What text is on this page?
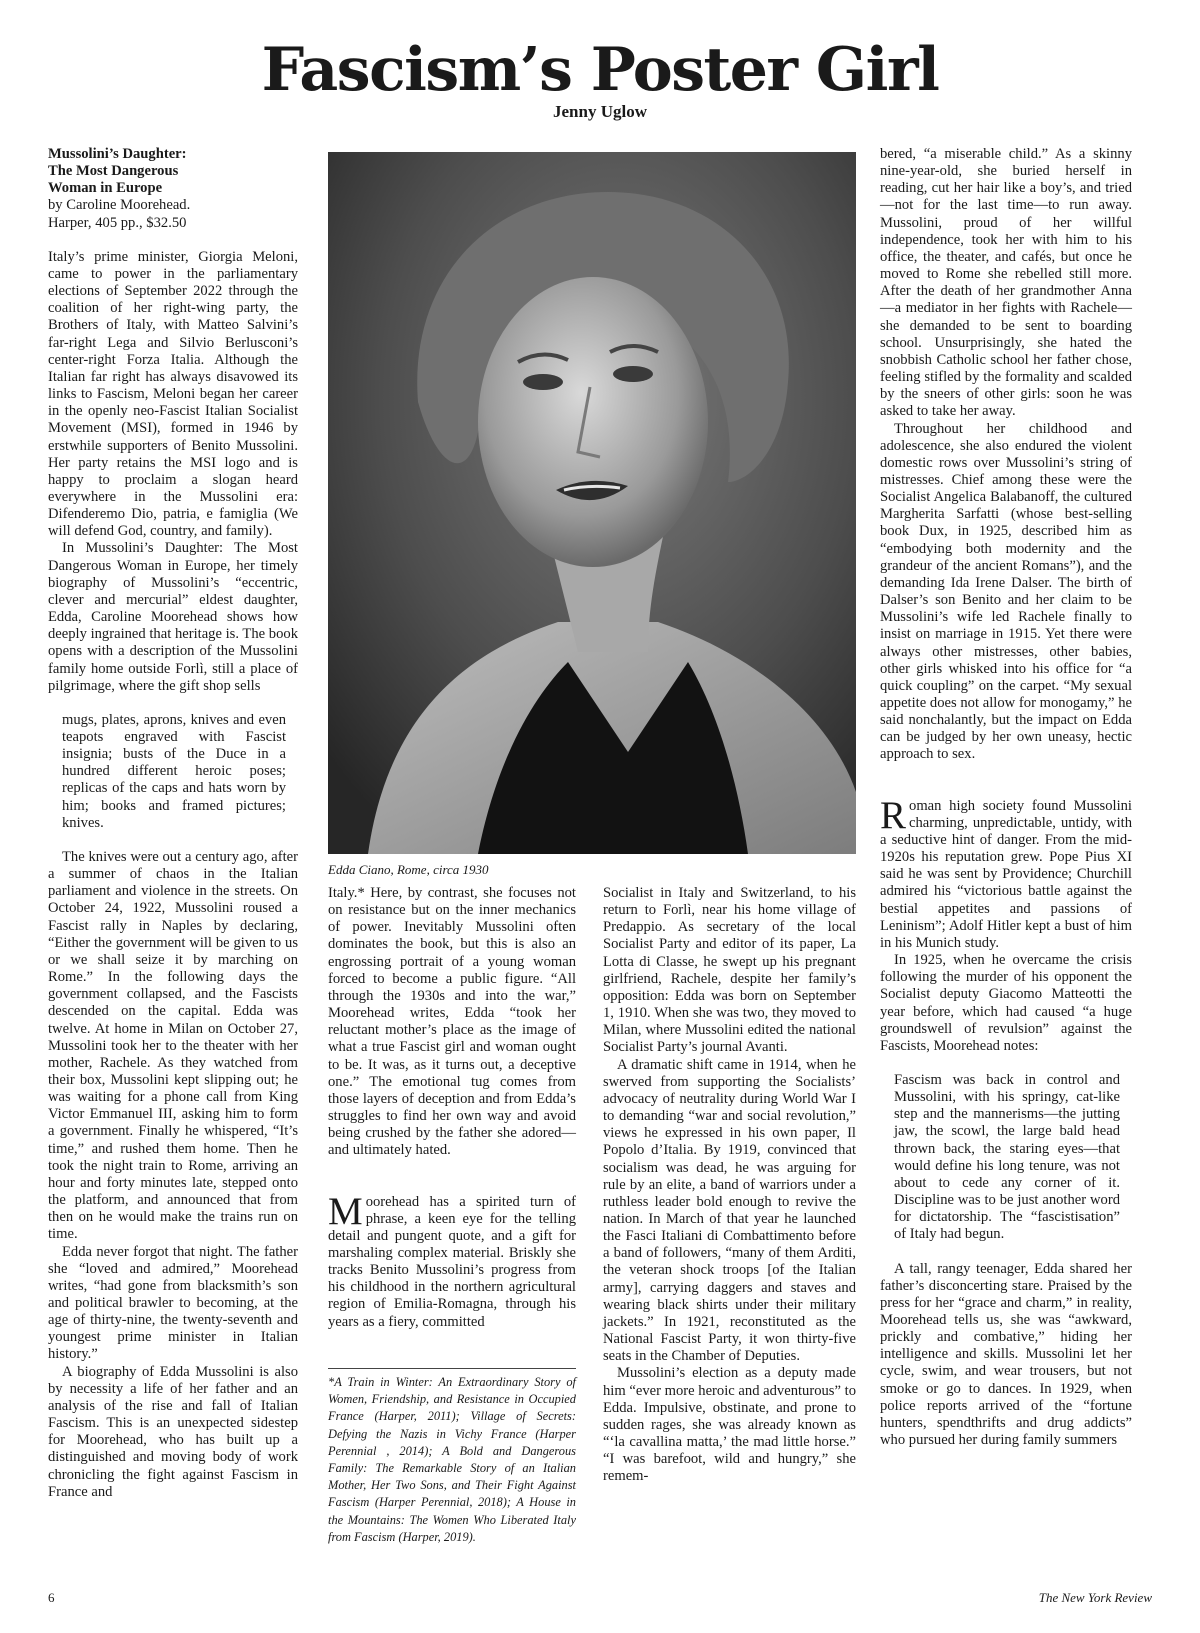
Fascism’s Poster Girl
Jenny Uglow
Mussolini’s Daughter:
The Most Dangerous
Woman in Europe
by Caroline Moorehead.
Harper, 405 pp., $32.50

Italy’s prime minister, Giorgia Meloni, came to power in the parliamentary elections of September 2022 through the coalition of her right-wing party, the Brothers of Italy, with Matteo Salvini’s far-right Lega and Silvio Berlusconi’s center-right Forza Italia. Although the Italian far right has always disavowed its links to Fascism, Meloni began her career in the openly neo-Fascist Italian Socialist Movement (MSI), formed in 1946 by erstwhile supporters of Benito Mussolini. Her party retains the MSI logo and is happy to proclaim a slogan heard everywhere in the Mussolini era: Difenderemo Dio, patria, e famiglia (We will defend God, country, and family).

In Mussolini’s Daughter: The Most Dangerous Woman in Europe, her timely biography of Mussolini’s “eccentric, clever and mercurial” eldest daughter, Edda, Caroline Moorehead shows how deeply ingrained that heritage is. The book opens with a description of the Mussolini family home outside Forlì, still a place of pilgrimage, where the gift shop sells

mugs, plates, aprons, knives and even teapots engraved with Fascist insignia; busts of the Duce in a hundred different heroic poses; replicas of the caps and hats worn by him; books and framed pictures; knives.

The knives were out a century ago, after a summer of chaos in the Italian parliament and violence in the streets. On October 24, 1922, Mussolini roused a Fascist rally in Naples by declaring, “Either the government will be given to us or we shall seize it by marching on Rome.” In the following days the government collapsed, and the Fascists descended on the capital. Edda was twelve. At home in Milan on October 27, Mussolini took her to the theater with her mother, Rachele. As they watched from their box, Mussolini kept slipping out; he was waiting for a phone call from King Victor Emmanuel III, asking him to form a government. Finally he whispered, “It’s time,” and rushed them home. Then he took the night train to Rome, arriving an hour and forty minutes late, stepped onto the platform, and announced that from then on he would make the trains run on time.

Edda never forgot that night. The father she “loved and admired,” Moorehead writes, “had gone from blacksmith’s son and political brawler to becoming, at the age of thirty-nine, the twenty-seventh and youngest prime minister in Italian history.”

A biography of Edda Mussolini is also by necessity a life of her father and an analysis of the rise and fall of Italian Fascism. This is an unexpected sidestep for Moorehead, who has built up a distinguished and moving body of work chronicling the fight against Fascism in France and

Edda Ciano, Rome, circa 1930

Italy.* Here, by contrast, she focuses not on resistance but on the inner mechanics of power. Inevitably Mussolini often dominates the book, but this is also an engrossing portrait of a young woman forced to become a public figure. “All through the 1930s and into the war,” Moorehead writes, Edda “took her reluctant mother’s place as the image of what a true Fascist girl and woman ought to be. It was, as it turns out, a deceptive one.” The emotional tug comes from those layers of deception and from Edda’s struggles to find her own way and avoid being crushed by the father she adored—and ultimately hated.

Moorehead has a spirited turn of phrase, a keen eye for the telling detail and pungent quote, and a gift for marshaling complex material. Briskly she tracks Benito Mussolini’s progress from his childhood in the northern agricultural region of Emilia-Romagna, through his years as a fiery, committed

*A Train in Winter: An Extraordinary Story of Women, Friendship, and Resistance in Occupied France (Harper, 2011); Village of Secrets: Defying the Nazis in Vichy France (Harper Perennial , 2014); A Bold and Dangerous Family: The Remarkable Story of an Italian Mother, Her Two Sons, and Their Fight Against Fascism (Harper Perennial, 2018); A House in the Mountains: The Women Who Liberated Italy from Fascism (Harper, 2019).

Socialist in Italy and Switzerland, to his return to Forlì, near his home village of Predappio. As secretary of the local Socialist Party and editor of its paper, La Lotta di Classe, he swept up his pregnant girlfriend, Rachele, despite her family’s opposition: Edda was born on September 1, 1910. When she was two, they moved to Milan, where Mussolini edited the national Socialist Party’s journal Avanti.

A dramatic shift came in 1914, when he swerved from supporting the Socialists’ advocacy of neutrality during World War I to demanding “war and social revolution,” views he expressed in his own paper, Il Popolo d’Italia. By 1919, convinced that socialism was dead, he was arguing for rule by an elite, a band of warriors under a ruthless leader bold enough to revive the nation. In March of that year he launched the Fasci Italiani di Combattimento before a band of followers, “many of them Arditi, the veteran shock troops [of the Italian army], carrying daggers and staves and wearing black shirts under their military jackets.” In 1921, reconstituted as the National Fascist Party, it won thirty-five seats in the Chamber of Deputies.

Mussolini’s election as a deputy made him “ever more heroic and adventurous” to Edda. Impulsive, obstinate, and prone to sudden rages, she was already known as “‘la cavallina matta,’ the mad little horse.” “I was barefoot, wild and hungry,” she remem-

bered, “a miserable child.” As a skinny nine-year-old, she buried herself in reading, cut her hair like a boy’s, and tried—not for the last time—to run away. Mussolini, proud of her willful independence, took her with him to his office, the theater, and cafés, but once he moved to Rome she rebelled still more. After the death of her grandmother Anna—a mediator in her fights with Rachele—she demanded to be sent to boarding school. Unsurprisingly, she hated the snobbish Catholic school her father chose, feeling stifled by the formality and scalded by the sneers of other girls: soon he was asked to take her away.

Throughout her childhood and adolescence, she also endured the violent domestic rows over Mussolini’s string of mistresses. Chief among these were the Socialist Angelica Balabanoff, the cultured Margherita Sarfatti (whose best-selling book Dux, in 1925, described him as “embodying both modernity and the grandeur of the ancient Romans”), and the demanding Ida Irene Dalser. The birth of Dalser’s son Benito and her claim to be Mussolini’s wife led Rachele finally to insist on marriage in 1915. Yet there were always other mistresses, other babies, other girls whisked into his office for “a quick coupling” on the carpet. “My sexual appetite does not allow for monogamy,” he said nonchalantly, but the impact on Edda can be judged by her own uneasy, hectic approach to sex.

Roman high society found Mussolini charming, unpredictable, untidy, with a seductive hint of danger. From the mid-1920s his reputation grew. Pope Pius XI said he was sent by Providence; Churchill admired his “victorious battle against the bestial appetites and passions of Leninism”; Adolf Hitler kept a bust of him in his Munich study.

In 1925, when he overcame the crisis following the murder of his opponent the Socialist deputy Giacomo Matteotti the year before, which had caused “a huge groundswell of revulsion” against the Fascists, Moorehead notes:

Fascism was back in control and Mussolini, with his springy, cat-like step and the mannerisms—the jutting jaw, the scowl, the large bald head thrown back, the staring eyes—that would define his long tenure, was not about to cede any corner of it. Discipline was to be just another word for dictatorship. The “fascistisation” of Italy had begun.

A tall, rangy teenager, Edda shared her father’s disconcerting stare. Praised by the press for her “grace and charm,” in reality, Moorehead tells us, she was “awkward, prickly and combative,” hiding her intelligence and skills. Mussolini let her cycle, swim, and wear trousers, but not smoke or go to dances. In 1929, when police reports arrived of the “fortune hunters, spendthrifts and drug addicts” who pursued her during family summers

6	The New York Review
